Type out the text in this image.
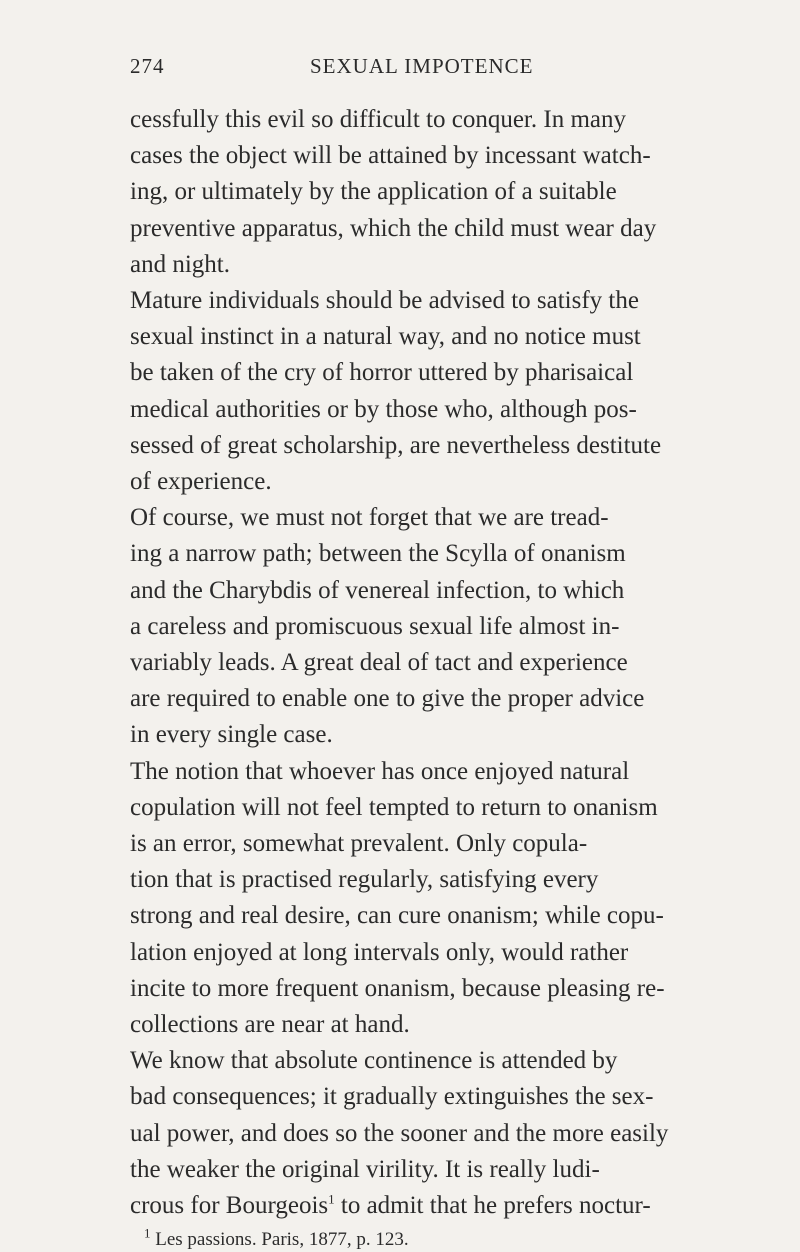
274	SEXUAL IMPOTENCE

cessfully this evil so difficult to conquer. In many
cases the object will be attained by incessant watch-
ing, or ultimately by the application of a suitable
preventive apparatus, which the child must wear day
and night.

Mature individuals should be advised to satisfy the
sexual instinct in a natural way, and no notice must
be taken of the cry of horror uttered by pharisaical
medical authorities or by those who, although pos-
sessed of great scholarship, are nevertheless destitute
of experience.

Of course, we must not forget that we are tread-
ing a narrow path; between the Scylla of onanism
and the Charybdis of venereal infection, to which
a careless and promiscuous sexual life almost in-
variably leads. A great deal of tact and experience
are required to enable one to give the proper advice
in every single case.

The notion that whoever has once enjoyed natural
copulation will not feel tempted to return to onanism
is an error, somewhat prevalent. Only copula-
tion that is practised regularly, satisfying every
strong and real desire, can cure onanism; while copu-
lation enjoyed at long intervals only, would rather
incite to more frequent onanism, because pleasing re-
collections are near at hand.

We know that absolute continence is attended by
bad consequences; it gradually extinguishes the sex-
ual power, and does so the sooner and the more easily
the weaker the original virility. It is really ludi-
crous for Bourgeois$^1$ to admit that he prefers noctur-

$^1$ Les passions. Paris, 1877, p. 123.
